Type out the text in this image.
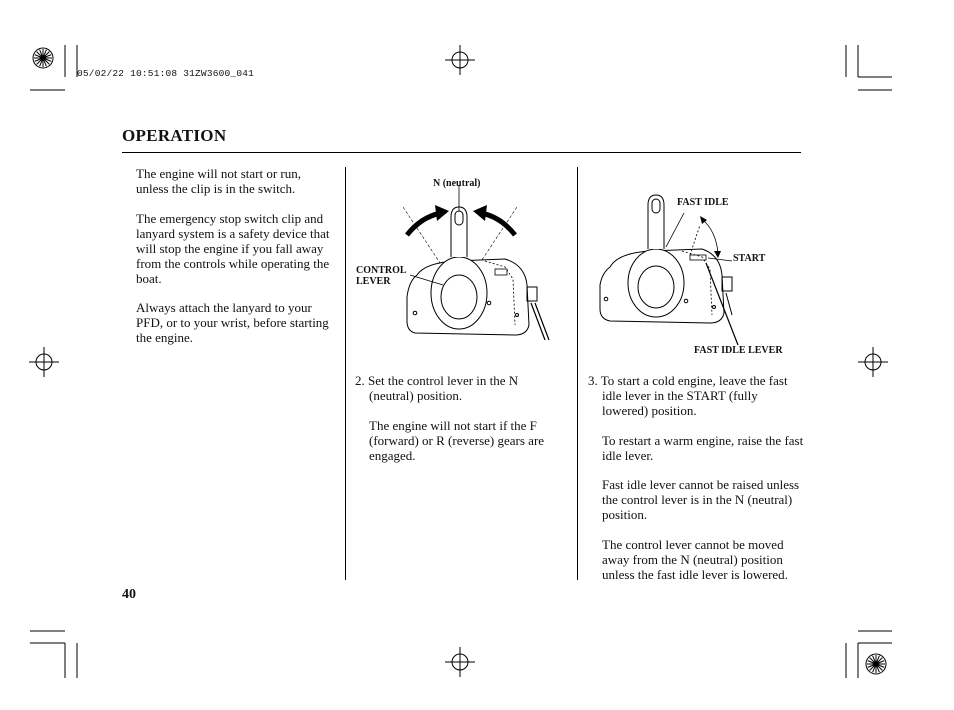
05/02/22 10:51:08 31ZW3600_041
OPERATION

The engine will not start or run, unless the clip is in the switch.

The emergency stop switch clip and lanyard system is a safety device that will stop the engine if you fall away from the controls while operating the boat.

Always attach the lanyard to your PFD, or to your wrist, before starting the engine.

N (neutral)
CONTROL
LEVER
FAST IDLE
START
FAST IDLE LEVER

2. Set the control lever in the N (neutral) position.

The engine will not start if the F (forward) or R (reverse) gears are engaged.

3. To start a cold engine, leave the fast idle lever in the START (fully lowered) position.

To restart a warm engine, raise the fast idle lever.

Fast idle lever cannot be raised unless the control lever is in the N (neutral) position.

The control lever cannot be moved away from the N (neutral) position unless the fast idle lever is lowered.

40
